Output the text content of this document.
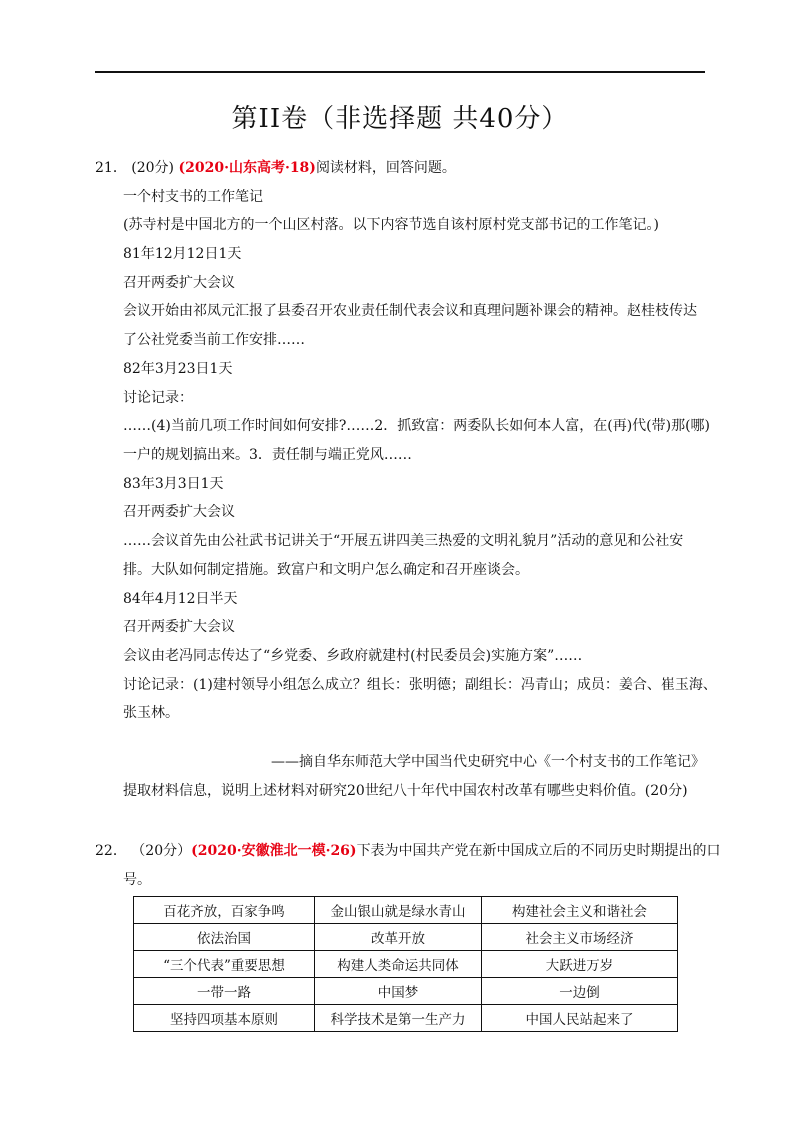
第II卷（非选择题 共40分）
21． (20分) (2020·山东高考·18)阅读材料，回答问题。
一个村支书的工作笔记
(苏寺村是中国北方的一个山区村落。以下内容节选自该村原村党支部书记的工作笔记。)
81年12月12日1天
召开两委扩大会议
会议开始由祁凤元汇报了县委召开农业责任制代表会议和真理问题补课会的精神。赵桂枝传达
了公社党委当前工作安排……
82年3月23日1天
讨论记录：
……(4)当前几项工作时间如何安排?……2．抓致富：两委队长如何本人富，在(再)代(带)那(哪)
一户的规划搞出来。3．责任制与端正党风……
83年3月3日1天
召开两委扩大会议
……会议首先由公社武书记讲关于“开展五讲四美三热爱的文明礼貌月”活动的意见和公社安
排。大队如何制定措施。致富户和文明户怎么确定和召开座谈会。
84年4月12日半天
召开两委扩大会议
会议由老冯同志传达了“乡党委、乡政府就建村(村民委员会)实施方案”……
讨论记录：(1)建村领导小组怎么成立？组长：张明德；副组长：冯青山；成员：姜合、崔玉海、
张玉林。
——摘自华东师范大学中国当代史研究中心《一个村支书的工作笔记》
提取材料信息，说明上述材料对研究20世纪八十年代中国农村改革有哪些史料价值。(20分)
22． （20分）(2020·安徽淮北一模·26)下表为中国共产党在新中国成立后的不同历史时期提出的口
号。
百花齐放，百家争鸣	金山银山就是绿水青山	构建社会主义和谐社会
依法治国	改革开放	社会主义市场经济
“三个代表”重要思想	构建人类命运共同体	大跃进万岁
一带一路	中国梦	一边倒
坚持四项基本原则	科学技术是第一生产力	中国人民站起来了
